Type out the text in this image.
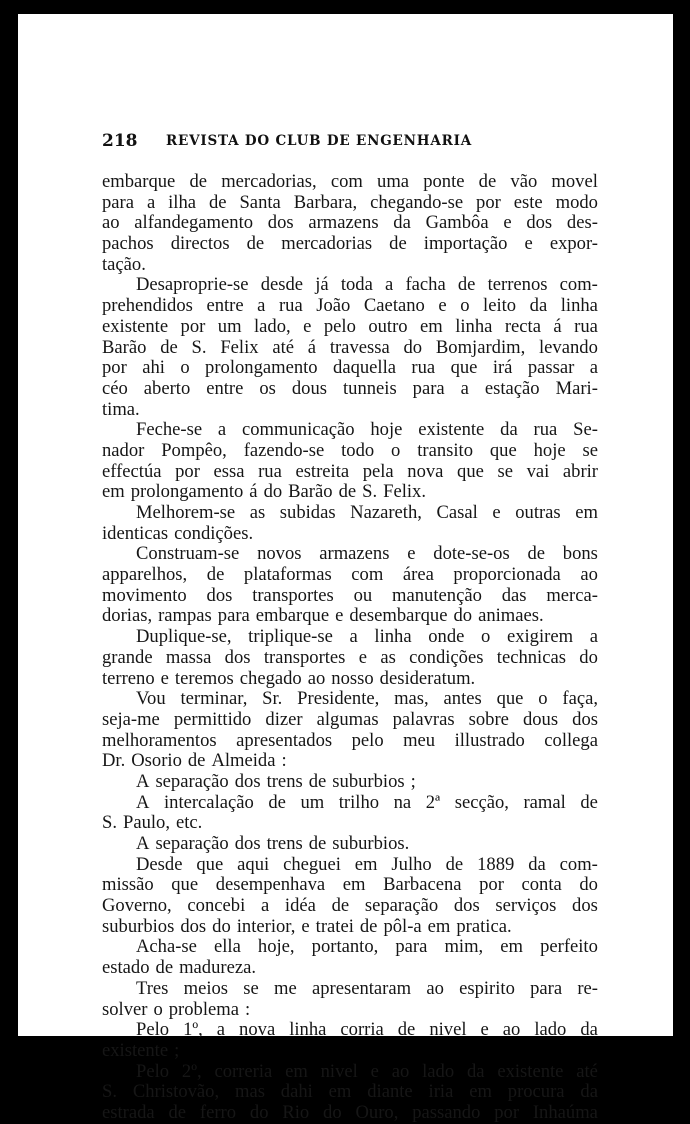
218 REVISTA DO CLUB DE ENGENHARIA
embarque de mercadorias, com uma ponte de vão movel
para a ilha de Santa Barbara, chegando-se por este modo
ao alfandegamento dos armazens da Gambôa e dos des-
pachos directos de mercadorias de importação e expor-
tação.
Desaproprie-se desde já toda a facha de terrenos com-
prehendidos entre a rua João Caetano e o leito da linha
existente por um lado, e pelo outro em linha recta á rua
Barão de S. Felix até á travessa do Bomjardim, levando
por ahi o prolongamento daquella rua que irá passar a
céo aberto entre os dous tunneis para a estação Mari-
tima.
Feche-se a communicação hoje existente da rua Se-
nador Pompêo, fazendo-se todo o transito que hoje se
effectúa por essa rua estreita pela nova que se vai abrir
em prolongamento á do Barão de S. Felix.
Melhorem-se as subidas Nazareth, Casal e outras em
identicas condições.
Construam-se novos armazens e dote-se-os de bons
apparelhos, de plataformas com área proporcionada ao
movimento dos transportes ou manutenção das merca-
dorias, rampas para embarque e desembarque do animaes.
Duplique-se, triplique-se a linha onde o exigirem a
grande massa dos transportes e as condições technicas do
terreno e teremos chegado ao nosso desideratum.
Vou terminar, Sr. Presidente, mas, antes que o faça,
seja-me permittido dizer algumas palavras sobre dous dos
melhoramentos apresentados pelo meu illustrado collega
Dr. Osorio de Almeida :
A separação dos trens de suburbios ;
A intercalação de um trilho na 2ª secção, ramal de
S. Paulo, etc.
A separação dos trens de suburbios.
Desde que aqui cheguei em Julho de 1889 da com-
missão que desempenhava em Barbacena por conta do
Governo, concebi a idéa de separação dos serviços dos
suburbios dos do interior, e tratei de pôl-a em pratica.
Acha-se ella hoje, portanto, para mim, em perfeito
estado de madureza.
Tres meios se me apresentaram ao espirito para re-
solver o problema :
Pelo 1º, a nova linha corria de nivel e ao lado da
existente ;
Pelo 2º, correria em nivel e ao lado da existente até
S. Christovão, mas dahi em diante iria em procura da
estrada de ferro do Rio do Ouro, passando por Inhaúma
